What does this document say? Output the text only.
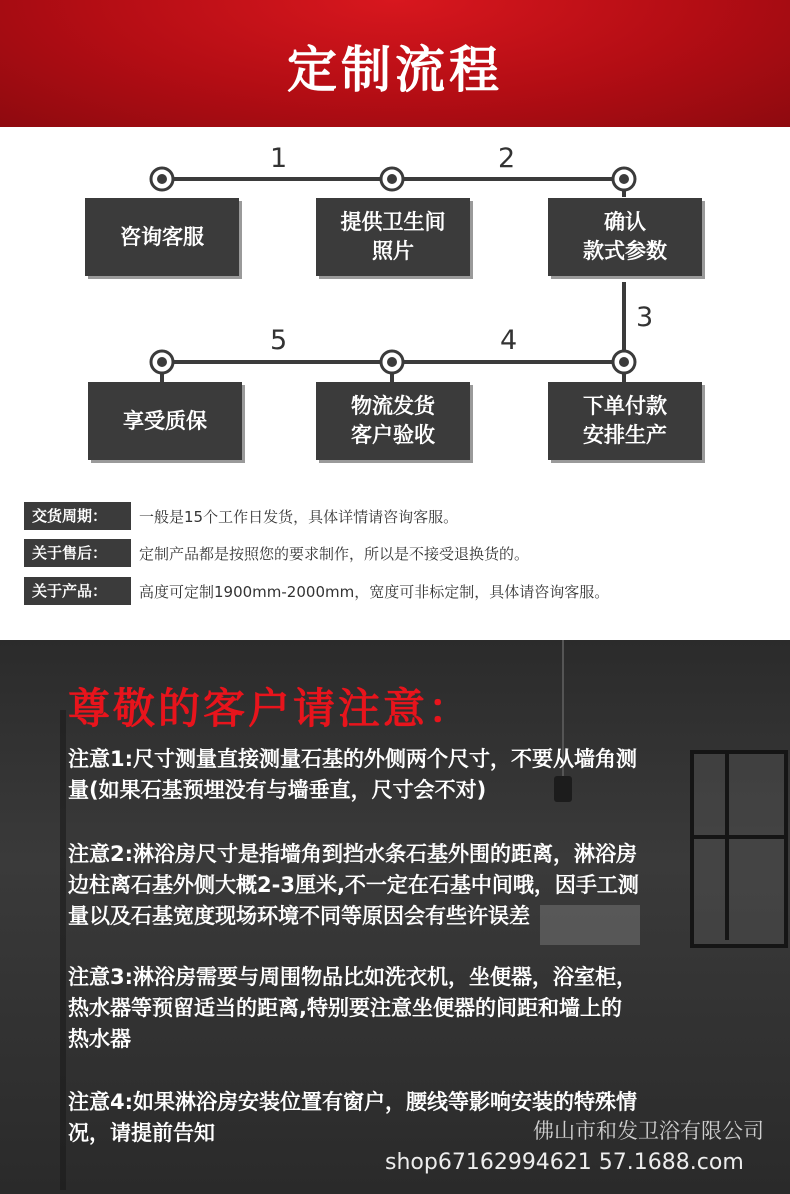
定制流程
1	2
3
5	4
咨询客服
提供卫生间
照片
确认
款式参数
享受质保
物流发货
客户验收
下单付款
安排生产
交货周期：	一般是15个工作日发货，具体详情请咨询客服。
关于售后：	定制产品都是按照您的要求制作，所以是不接受退换货的。
关于产品：	高度可定制1900mm-2000mm，宽度可非标定制，具体请咨询客服。
尊敬的客户请注意：
注意1:尺寸测量直接测量石基的外侧两个尺寸，不要从墙角测
量(如果石基预埋没有与墙垂直，尺寸会不对)
注意2:淋浴房尺寸是指墙角到挡水条石基外围的距离，淋浴房
边柱离石基外侧大概2-3厘米,不一定在石基中间哦，因手工测
量以及石基宽度现场环境不同等原因会有些许误差
注意3:淋浴房需要与周围物品比如洗衣机，坐便器，浴室柜，
热水器等预留适当的距离,特别要注意坐便器的间距和墙上的
热水器
注意4:如果淋浴房安装位置有窗户，腰线等影响安装的特殊情
况，请提前告知	佛山市和发卫浴有限公司
shop67162994621 57.1688.com
